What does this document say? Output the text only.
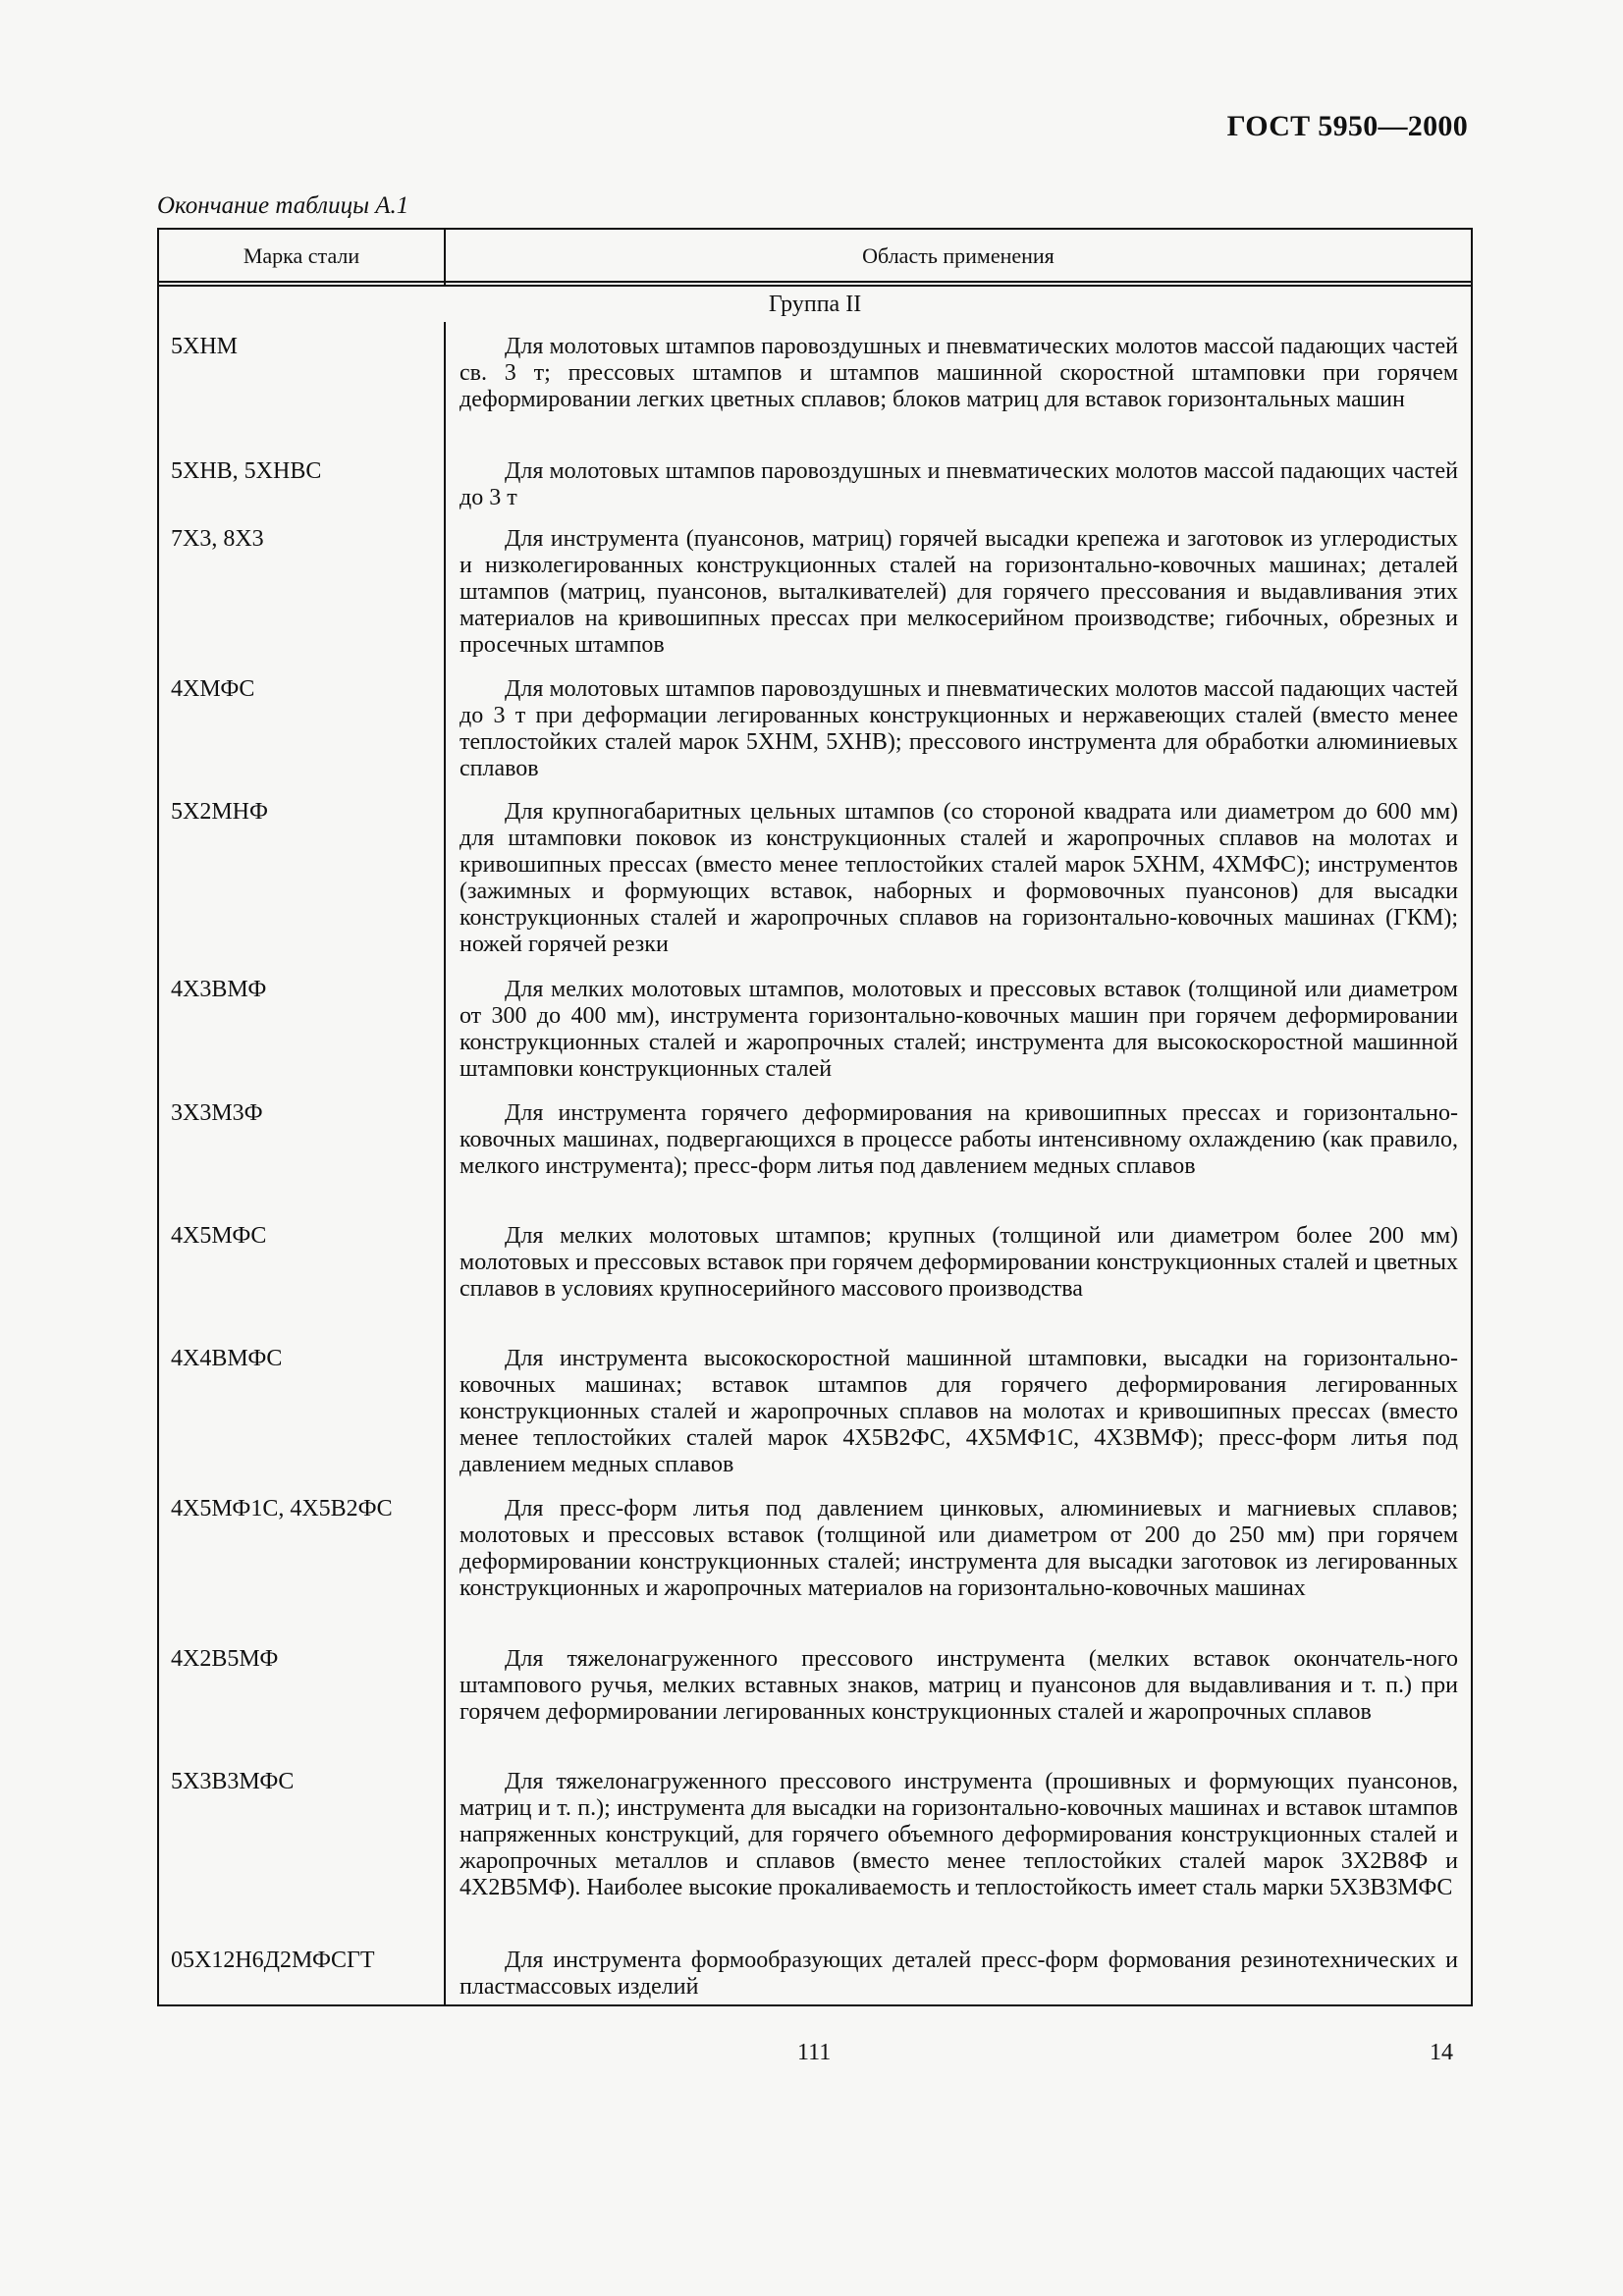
ГОСТ 5950—2000
Окончание таблицы А.1
Марка стали	Область применения
Группа II
5ХНМ	Для молотовых штампов паровоздушных и пневматических молотов массой падающих частей св. 3 т; прессовых штампов и штампов машинной скоростной штамповки при горячем деформировании легких цветных сплавов; блоков матриц для вставок горизонтальных машин
5ХНВ, 5ХНВС	Для молотовых штампов паровоздушных и пневматических молотов массой падающих частей до 3 т
7Х3, 8Х3	Для инструмента (пуансонов, матриц) горячей высадки крепежа и заготовок из углеродистых и низколегированных конструкционных сталей на горизонтально-ковочных машинах; деталей штампов (матриц, пуансонов, выталкивателей) для горячего прессования и выдавливания этих материалов на кривошипных прессах при мелкосерийном производстве; гибочных, обрезных и просечных штампов
4ХМФС	Для молотовых штампов паровоздушных и пневматических молотов массой падающих частей до 3 т при деформации легированных конструкционных и нержавеющих сталей (вместо менее теплостойких сталей марок 5ХНМ, 5ХНВ); прессового инструмента для обработки алюминиевых сплавов
5Х2МНФ	Для крупногабаритных цельных штампов (со стороной квадрата или диаметром до 600 мм) для штамповки поковок из конструкционных сталей и жаропрочных сплавов на молотах и кривошипных прессах (вместо менее теплостойких сталей марок 5ХНМ, 4ХМФС); инструментов (зажимных и формующих вставок, наборных и формовочных пуансонов) для высадки конструкционных сталей и жаропрочных сплавов на горизонтально-ковочных машинах (ГКМ); ножей горячей резки
4Х3ВМФ	Для мелких молотовых штампов, молотовых и прессовых вставок (толщиной или диаметром от 300 до 400 мм), инструмента горизонтально-ковочных машин при горячем деформировании конструкционных сталей и жаропрочных сталей; инструмента для высокоскоростной машинной штамповки конструкционных сталей
3Х3М3Ф	Для инструмента горячего деформирования на кривошипных прессах и горизонтально-ковочных машинах, подвергающихся в процессе работы интенсивному охлаждению (как правило, мелкого инструмента); пресс-форм литья под давлением медных сплавов
4Х5МФС	Для мелких молотовых штампов; крупных (толщиной или диаметром более 200 мм) молотовых и прессовых вставок при горячем деформировании конструкционных сталей и цветных сплавов в условиях крупносерийного массового производства
4Х4ВМФС	Для инструмента высокоскоростной машинной штамповки, высадки на горизонтально-ковочных машинах; вставок штампов для горячего деформирования легированных конструкционных сталей и жаропрочных сплавов на молотах и кривошипных прессах (вместо менее теплостойких сталей марок 4Х5В2ФС, 4Х5МФ1С, 4Х3ВМФ); пресс-форм литья под давлением медных сплавов
4Х5МФ1С, 4Х5В2ФС	Для пресс-форм литья под давлением цинковых, алюминиевых и магниевых сплавов; молотовых и прессовых вставок (толщиной или диаметром от 200 до 250 мм) при горячем деформировании конструкционных сталей; инструмента для высадки заготовок из легированных конструкционных и жаропрочных материалов на горизонтально-ковочных машинах
4Х2В5МФ	Для тяжелонагруженного прессового инструмента (мелких вставок окончатель-ного штампового ручья, мелких вставных знаков, матриц и пуансонов для выдавливания и т. п.) при горячем деформировании легированных конструкционных сталей и жаропрочных сплавов
5Х3В3МФС	Для тяжелонагруженного прессового инструмента (прошивных и формующих пуансонов, матриц и т. п.); инструмента для высадки на горизонтально-ковочных машинах и вставок штампов напряженных конструкций, для горячего объемного деформирования конструкционных сталей и жаропрочных металлов и сплавов (вместо менее теплостойких сталей марок 3Х2В8Ф и 4Х2В5МФ). Наиболее высокие прокаливаемость и теплостойкость имеет сталь марки 5Х3В3МФС
05Х12Н6Д2МФСГТ	Для инструмента формообразующих деталей пресс-форм формования резинотехнических и пластмассовых изделий
111	14
